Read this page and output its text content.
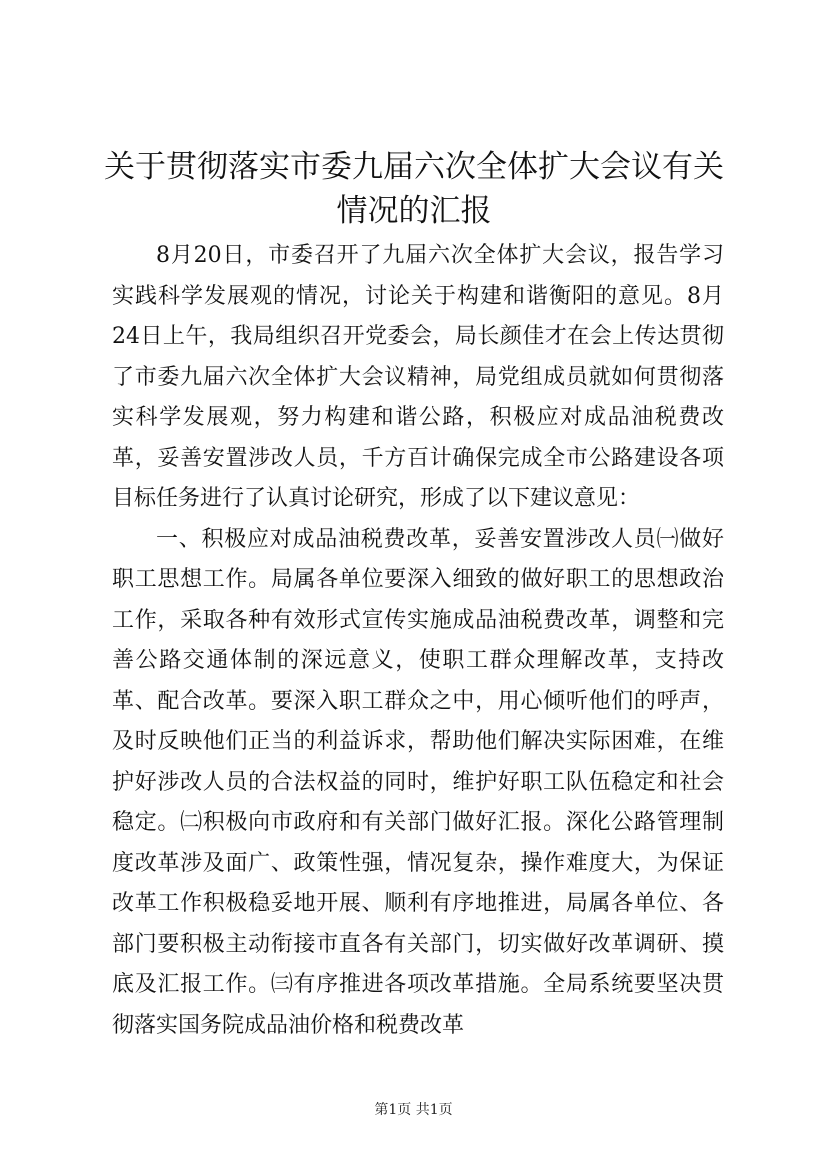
关于贯彻落实市委九届六次全体扩大会议有关
情况的汇报

8月20日，市委召开了九届六次全体扩大会议，报告学习实践科学发展观的情况，讨论关于构建和谐衡阳的意见。8月24日上午，我局组织召开党委会，局长颜佳才在会上传达贯彻了市委九届六次全体扩大会议精神，局党组成员就如何贯彻落实科学发展观，努力构建和谐公路，积极应对成品油税费改革，妥善安置涉改人员，千方百计确保完成全市公路建设各项目标任务进行了认真讨论研究，形成了以下建议意见：

一、积极应对成品油税费改革，妥善安置涉改人员㈠做好职工思想工作。局属各单位要深入细致的做好职工的思想政治工作，采取各种有效形式宣传实施成品油税费改革，调整和完善公路交通体制的深远意义，使职工群众理解改革，支持改革、配合改革。要深入职工群众之中，用心倾听他们的呼声，及时反映他们正当的利益诉求，帮助他们解决实际困难，在维护好涉改人员的合法权益的同时，维护好职工队伍稳定和社会稳定。㈡积极向市政府和有关部门做好汇报。深化公路管理制度改革涉及面广、政策性强，情况复杂，操作难度大，为保证改革工作积极稳妥地开展、顺利有序地推进，局属各单位、各部门要积极主动衔接市直各有关部门，切实做好改革调研、摸底及汇报工作。㈢有序推进各项改革措施。全局系统要坚决贯彻落实国务院成品油价格和税费改革

第1页 共1页
